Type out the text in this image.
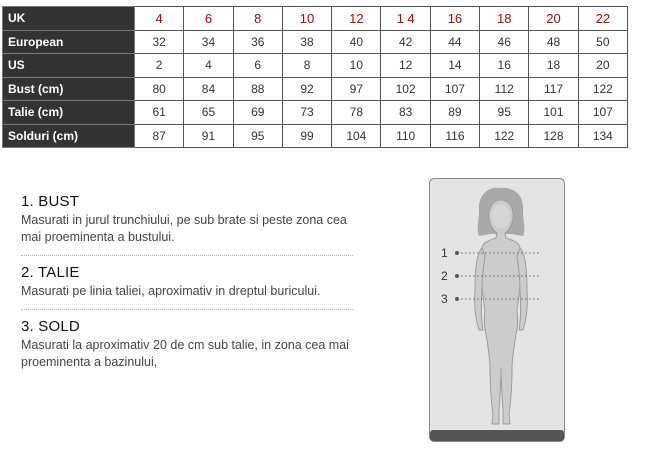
UK	4	6	8	10	12	1 4	16	18	20	22
European	32	34	36	38	40	42	44	46	48	50
US	2	4	6	8	10	12	14	16	18	20
Bust (cm)	80	84	88	92	97	102	107	112	117	122
Talie (cm)	61	65	69	73	78	83	89	95	101	107
Solduri (cm)	87	91	95	99	104	110	116	122	128	134
1. BUST

Masurati in jurul trunchiului, pe sub brate si peste zona cea mai proeminenta a bustului.

2. TALIE

Masurati pe linia taliei, aproximativ in dreptul buricului.

3. SOLD

Masurati la aproximativ 20 de cm sub talie, in zona cea mai proeminenta a bazinului,

1
2
3
